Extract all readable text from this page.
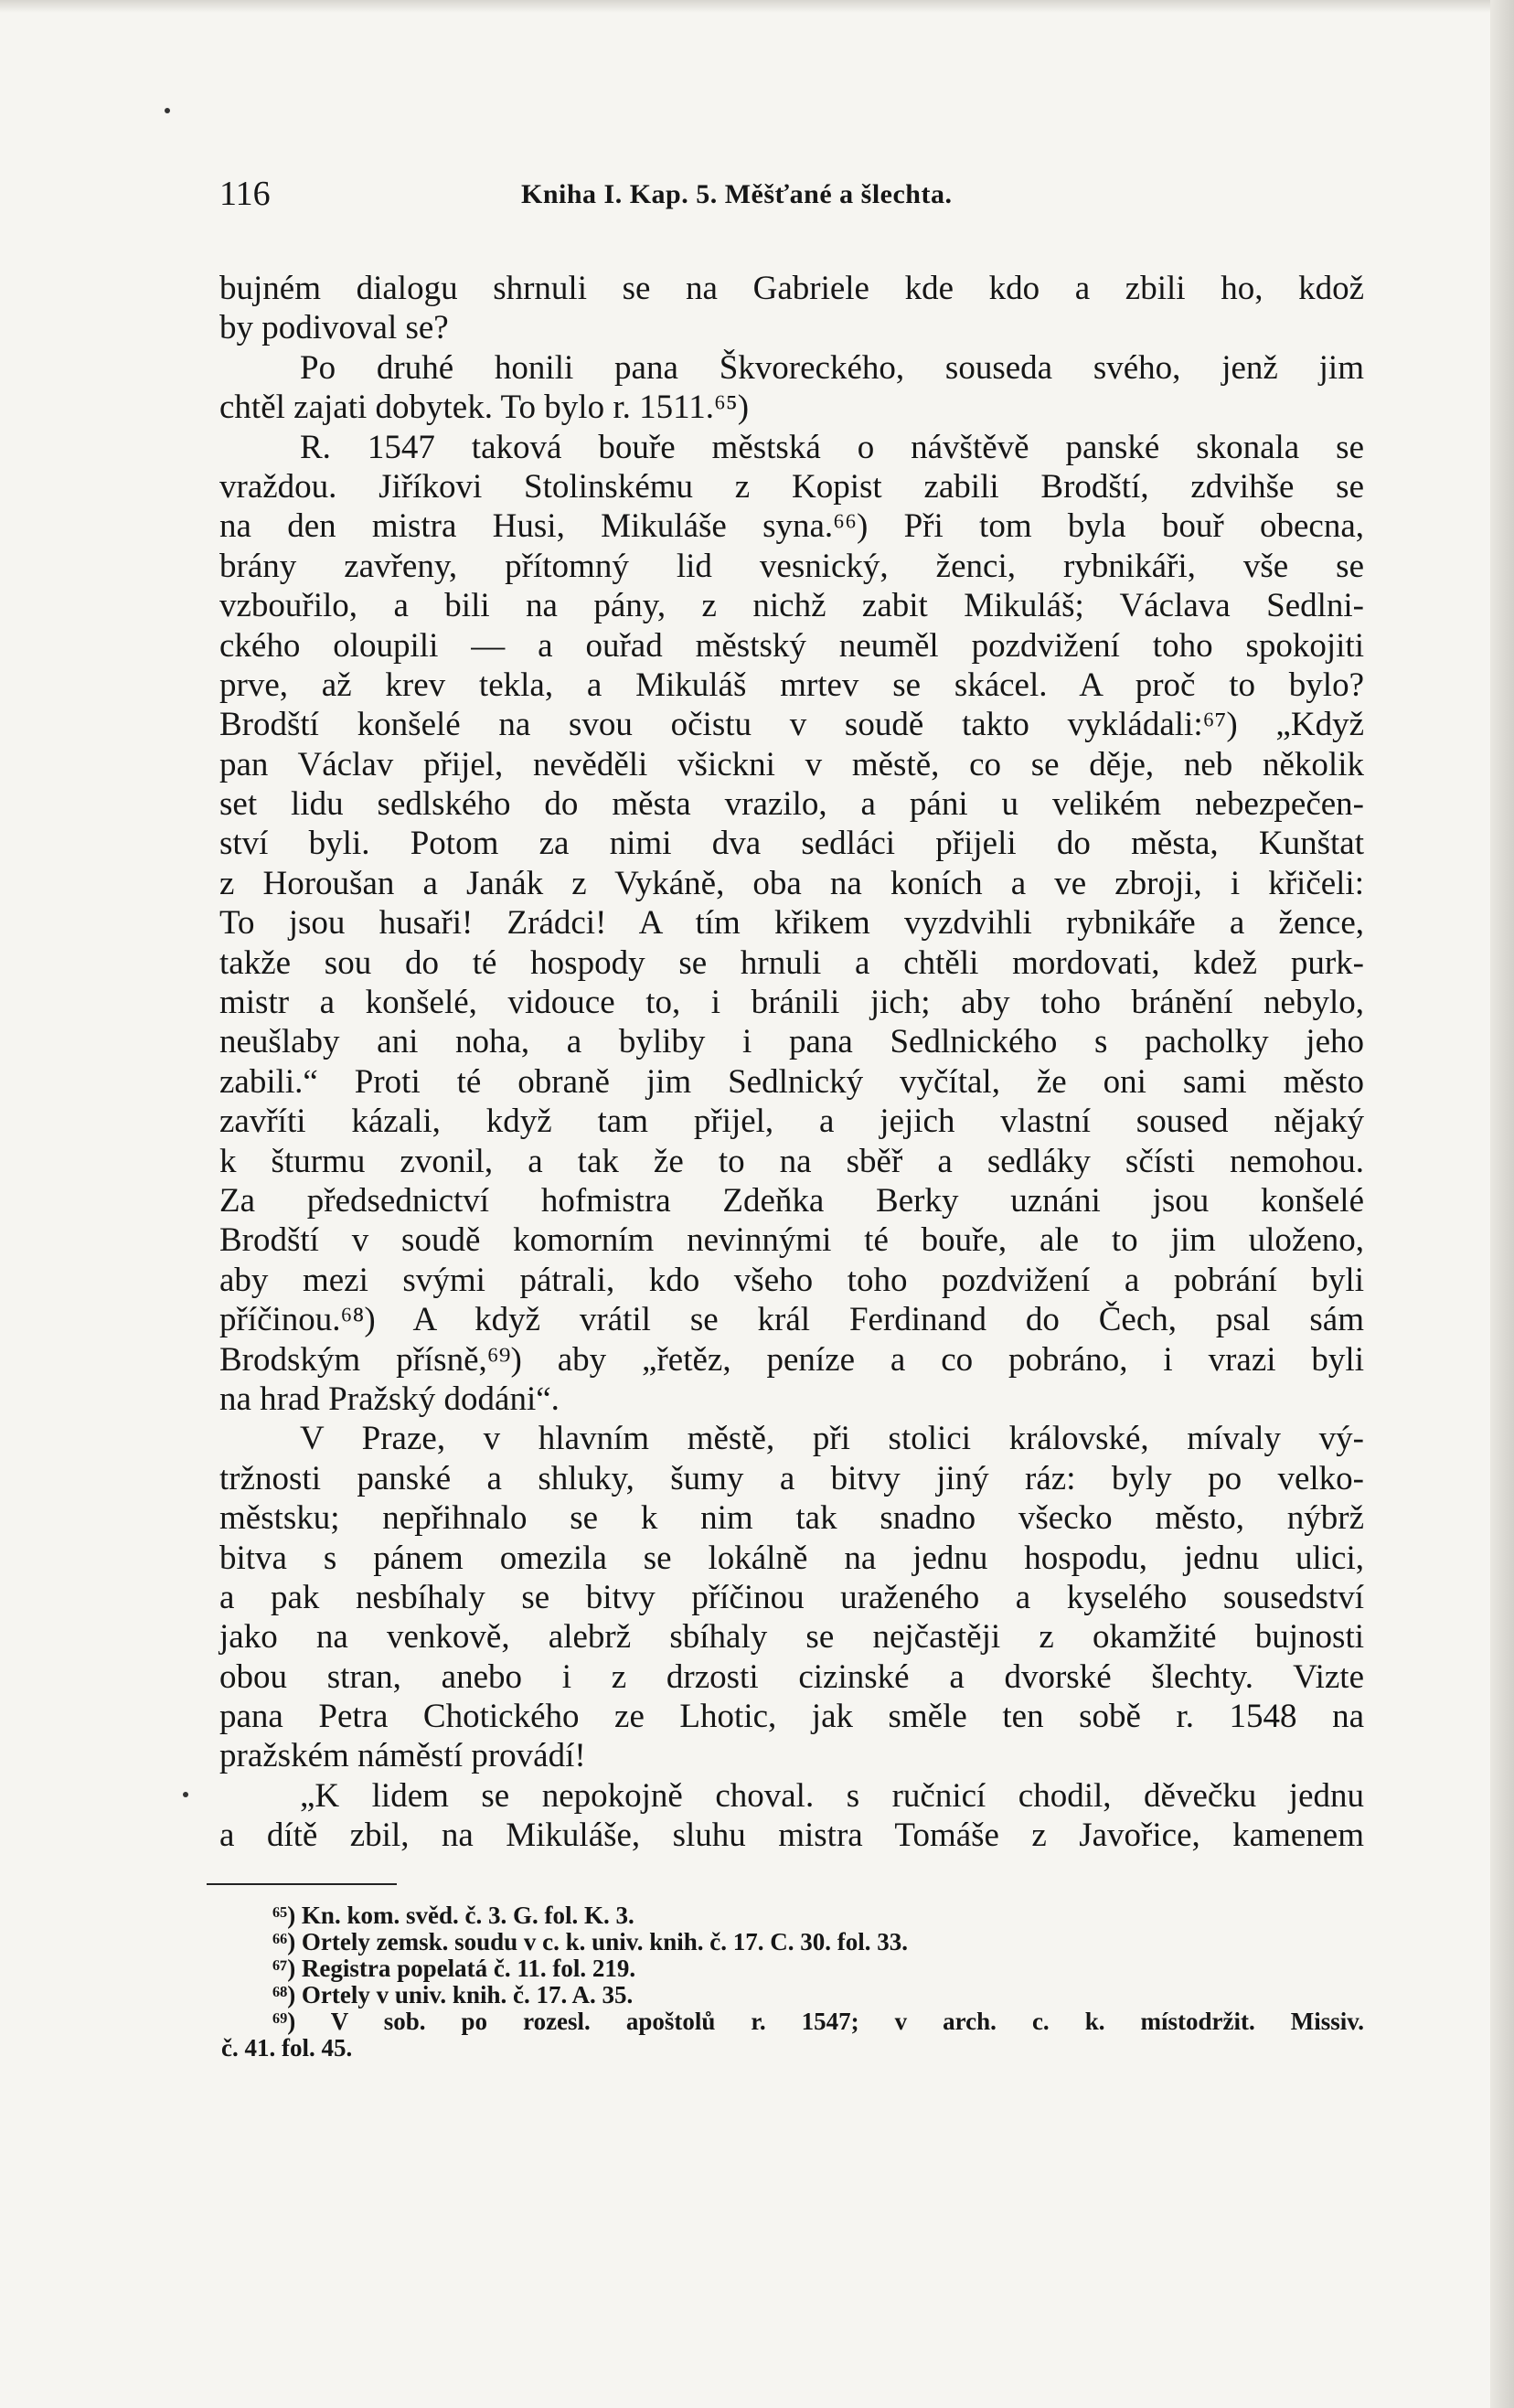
116	Kniha I. Kap. 5. Měšťané a šlechta.
bujném dialogu shrnuli se na Gabriele kde kdo a zbili ho, kdož
by podivoval se?
Po druhé honili pana Škvoreckého, souseda svého, jenž jim
chtěl zajati dobytek. To bylo r. 1511.⁶⁵)
R. 1547 taková bouře městská o návštěvě panské skonala se
vraždou. Jiříkovi Stolinskému z Kopist zabili Brodští, zdvihše se
na den mistra Husi, Mikuláše syna.⁶⁶) Při tom byla bouř obecna,
brány zavřeny, přítomný lid vesnický, ženci, rybnikáři, vše se
vzbouřilo, a bili na pány, z nichž zabit Mikuláš; Václava Sedlni-
ckého oloupili — a ouřad městský neuměl pozdvižení toho spokojiti
prve, až krev tekla, a Mikuláš mrtev se skácel. A proč to bylo?
Brodští konšelé na svou očistu v soudě takto vykládali:⁶⁷) „Když
pan Václav přijel, nevěděli všickni v městě, co se děje, neb několik
set lidu sedlského do města vrazilo, a páni u velikém nebezpečen-
ství byli. Potom za nimi dva sedláci přijeli do města, Kunštat
z Horoušan a Janák z Vykáně, oba na koních a ve zbroji, i křičeli:
To jsou husaři! Zrádci! A tím křikem vyzdvihli rybnikáře a žence,
takže sou do té hospody se hrnuli a chtěli mordovati, kdež purk-
mistr a konšelé, vidouce to, i bránili jich; aby toho bránění nebylo,
neušlaby ani noha, a byliby i pana Sedlnického s pacholky jeho
zabili.“ Proti té obraně jim Sedlnický vyčítal, že oni sami město
zavříti kázali, když tam přijel, a jejich vlastní soused nějaký
k šturmu zvonil, a tak že to na sběř a sedláky sčísti nemohou.
Za předsednictví hofmistra Zdeňka Berky uznáni jsou konšelé
Brodští v soudě komorním nevinnými té bouře, ale to jim uloženo,
aby mezi svými pátrali, kdo všeho toho pozdvižení a pobrání byli
příčinou.⁶⁸) A když vrátil se král Ferdinand do Čech, psal sám
Brodským přísně,⁶⁹) aby „řetěz, peníze a co pobráno, i vrazi byli
na hrad Pražský dodáni“.
V Praze, v hlavním městě, při stolici královské, mívaly vý-
tržnosti panské a shluky, šumy a bitvy jiný ráz: byly po velko-
městsku; nepřihnalo se k nim tak snadno všecko město, nýbrž
bitva s pánem omezila se lokálně na jednu hospodu, jednu ulici,
a pak nesbíhaly se bitvy příčinou uraženého a kyselého sousedství
jako na venkově, alebrž sbíhaly se nejčastěji z okamžité bujnosti
obou stran, anebo i z drzosti cizinské a dvorské šlechty. Vizte
pana Petra Chotického ze Lhotic, jak směle ten sobě r. 1548 na
pražském náměstí provádí!
„K lidem se nepokojně choval. s ručnicí chodil, děvečku jednu
a dítě zbil, na Mikuláše, sluhu mistra Tomáše z Javořice, kamenem
⁶⁵) Kn. kom. svěd. č. 3. G. fol. K. 3.
⁶⁶) Ortely zemsk. soudu v c. k. univ. knih. č. 17. C. 30. fol. 33.
⁶⁷) Registra popelatá č. 11. fol. 219.
⁶⁸) Ortely v univ. knih. č. 17. A. 35.
⁶⁹) V sob. po rozesl. apoštolů r. 1547; v arch. c. k. místodržit. Missiv.
č. 41. fol. 45.
